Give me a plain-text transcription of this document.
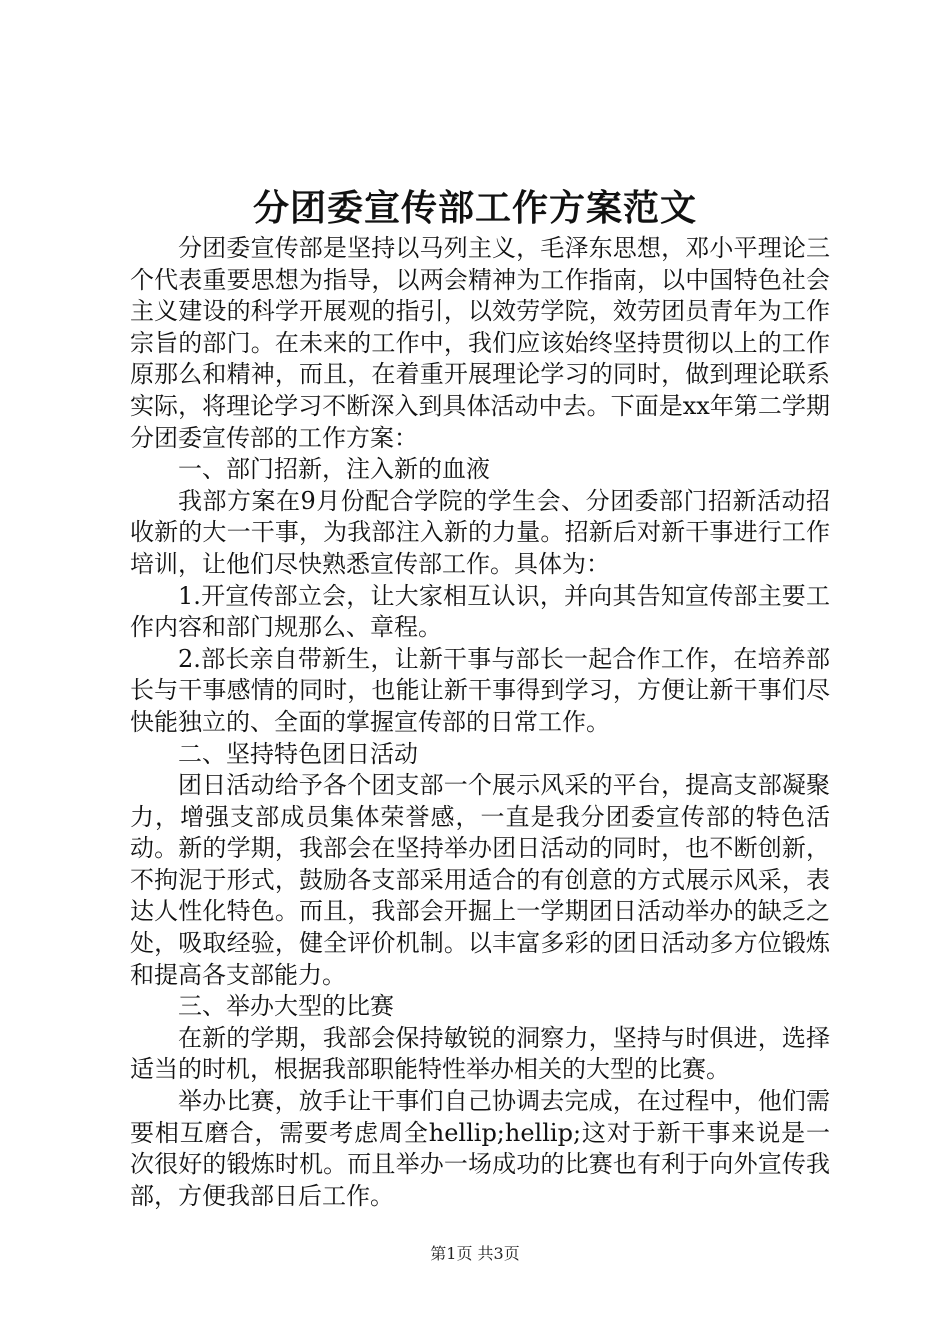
分团委宣传部工作方案范文

分团委宣传部是坚持以马列主义，毛泽东思想，邓小平理论三个代表重要思想为指导，以两会精神为工作指南，以中国特色社会主义建设的科学开展观的指引，以效劳学院，效劳团员青年为工作宗旨的部门。在未来的工作中，我们应该始终坚持贯彻以上的工作原那么和精神，而且，在着重开展理论学习的同时，做到理论联系实际，将理论学习不断深入到具体活动中去。下面是xx年第二学期分团委宣传部的工作方案：

一、部门招新，注入新的血液

我部方案在9月份配合学院的学生会、分团委部门招新活动招收新的大一干事，为我部注入新的力量。招新后对新干事进行工作培训，让他们尽快熟悉宣传部工作。具体为：

1.开宣传部立会，让大家相互认识，并向其告知宣传部主要工作内容和部门规那么、章程。

2.部长亲自带新生，让新干事与部长一起合作工作，在培养部长与干事感情的同时，也能让新干事得到学习，方便让新干事们尽快能独立的、全面的掌握宣传部的日常工作。

二、坚持特色团日活动

团日活动给予各个团支部一个展示风采的平台，提高支部凝聚力，增强支部成员集体荣誉感，一直是我分团委宣传部的特色活动。新的学期，我部会在坚持举办团日活动的同时，也不断创新，不拘泥于形式，鼓励各支部采用适合的有创意的方式展示风采，表达人性化特色。而且，我部会开掘上一学期团日活动举办的缺乏之处，吸取经验，健全评价机制。以丰富多彩的团日活动多方位锻炼和提高各支部能力。

三、举办大型的比赛

在新的学期，我部会保持敏锐的洞察力，坚持与时俱进，选择适当的时机，根据我部职能特性举办相关的大型的比赛。

举办比赛，放手让干事们自己协调去完成，在过程中，他们需要相互磨合，需要考虑周全hellip;hellip;这对于新干事来说是一次很好的锻炼时机。而且举办一场成功的比赛也有利于向外宣传我部，方便我部日后工作。

第1页 共3页
